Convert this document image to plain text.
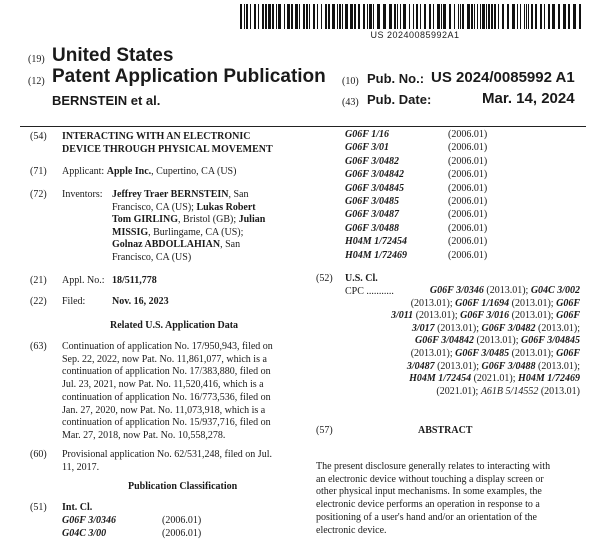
US 20240085992A1
(19) United States
(12) Patent Application Publication
BERNSTEIN et al.
(10) Pub. No.: US 2024/0085992 A1
(43) Pub. Date:	Mar. 14, 2024
(54) INTERACTING WITH AN ELECTRONIC
DEVICE THROUGH PHYSICAL MOVEMENT
(71) Applicant: Apple Inc., Cupertino, CA (US)
(72) Inventors: Jeffrey Traer BERNSTEIN, San
Francisco, CA (US); Lukas Robert
Tom GIRLING, Bristol (GB); Julian
MISSIG, Burlingame, CA (US);
Golnaz ABDOLLAHIAN, San
Francisco, CA (US)
(21) Appl. No.: 18/511,778
(22) Filed:	Nov. 16, 2023
Related U.S. Application Data
(63) Continuation of application No. 17/950,943, filed on
Sep. 22, 2022, now Pat. No. 11,861,077, which is a
continuation of application No. 17/383,880, filed on
Jul. 23, 2021, now Pat. No. 11,520,416, which is a
continuation of application No. 16/773,536, filed on
Jan. 27, 2020, now Pat. No. 11,073,918, which is a
continuation of application No. 15/937,716, filed on
Mar. 27, 2018, now Pat. No. 10,558,278.
(60) Provisional application No. 62/531,248, filed on Jul.
11, 2017.
Publication Classification
(51) Int. Cl.
G06F 3/0346	(2006.01)
G04C 3/00	(2006.01)
G06F 1/16	(2006.01)
G06F 3/01	(2006.01)
G06F 3/0482	(2006.01)
G06F 3/04842	(2006.01)
G06F 3/04845	(2006.01)
G06F 3/0485	(2006.01)
G06F 3/0487	(2006.01)
G06F 3/0488	(2006.01)
H04M 1/72454	(2006.01)
H04M 1/72469	(2006.01)
(52) U.S. Cl.
CPC ...........	G06F 3/0346 (2013.01); G04C 3/002
(2013.01); G06F 1/1694 (2013.01); G06F
3/011 (2013.01); G06F 3/016 (2013.01); G06F
3/017 (2013.01); G06F 3/0482 (2013.01);
G06F 3/04842 (2013.01); G06F 3/04845
(2013.01); G06F 3/0485 (2013.01); G06F
3/0487 (2013.01); G06F 3/0488 (2013.01);
H04M 1/72454 (2021.01); H04M 1/72469
(2021.01); A61B 5/14552 (2013.01)
(57)	ABSTRACT
The present disclosure generally relates to interacting with
an electronic device without touching a display screen or
other physical input mechanisms. In some examples, the
electronic device performs an operation in response to a
positioning of a user's hand and/or an orientation of the
electronic device.
